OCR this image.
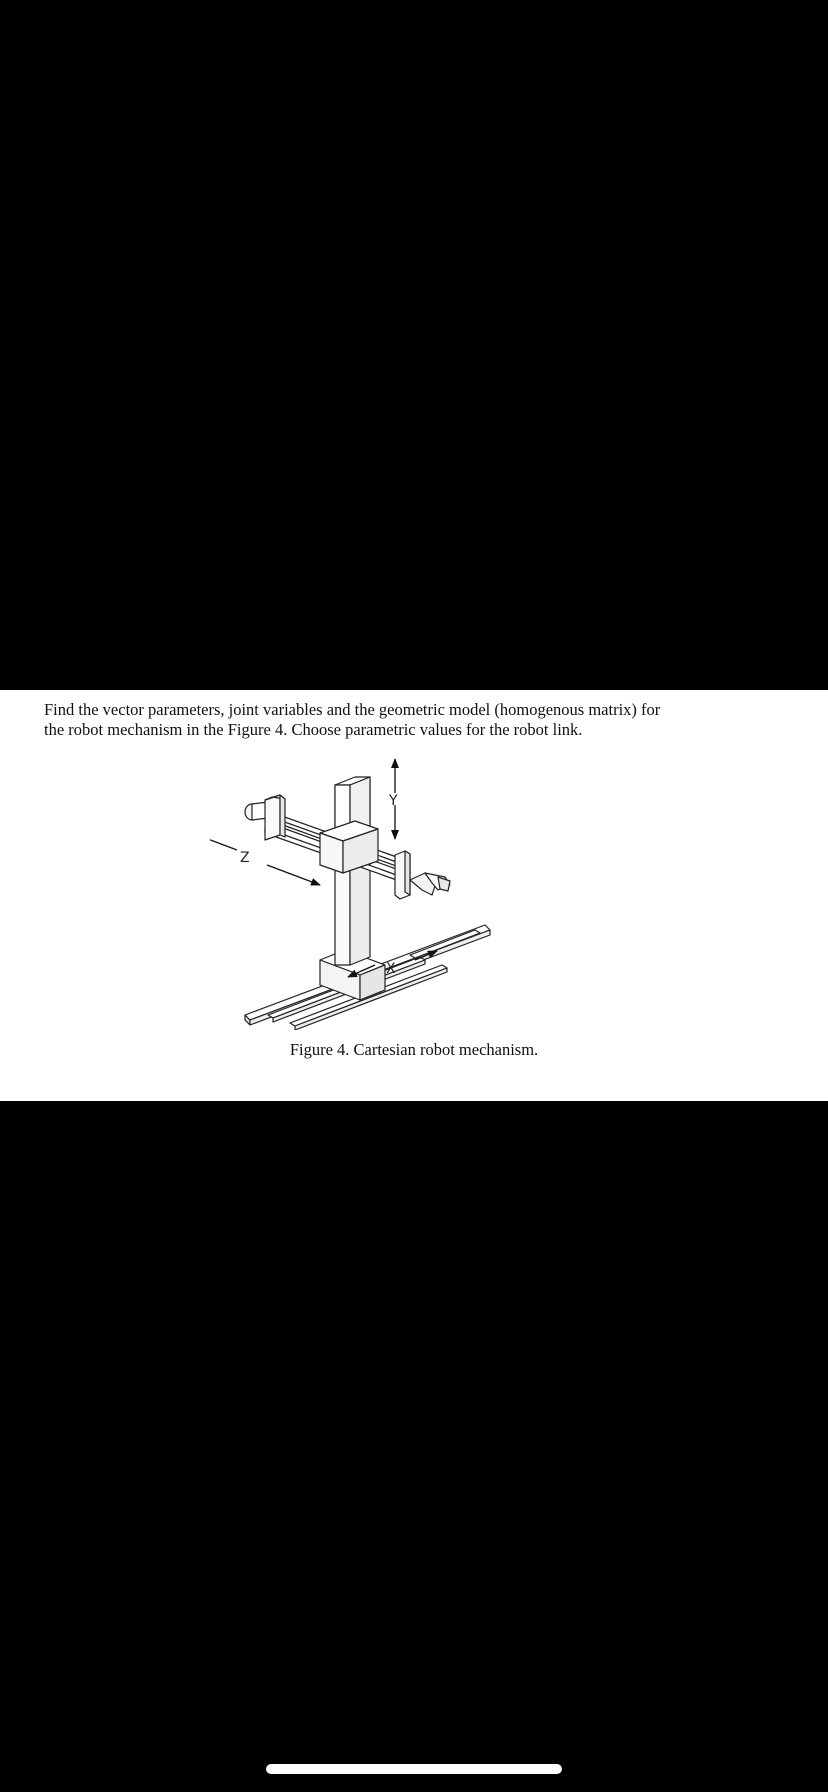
Find the vector parameters, joint variables and the geometric model (homogenous matrix) for
the robot mechanism in the Figure 4. Choose parametric values for the robot link.

Y
Z
X

Figure 4. Cartesian robot mechanism.
